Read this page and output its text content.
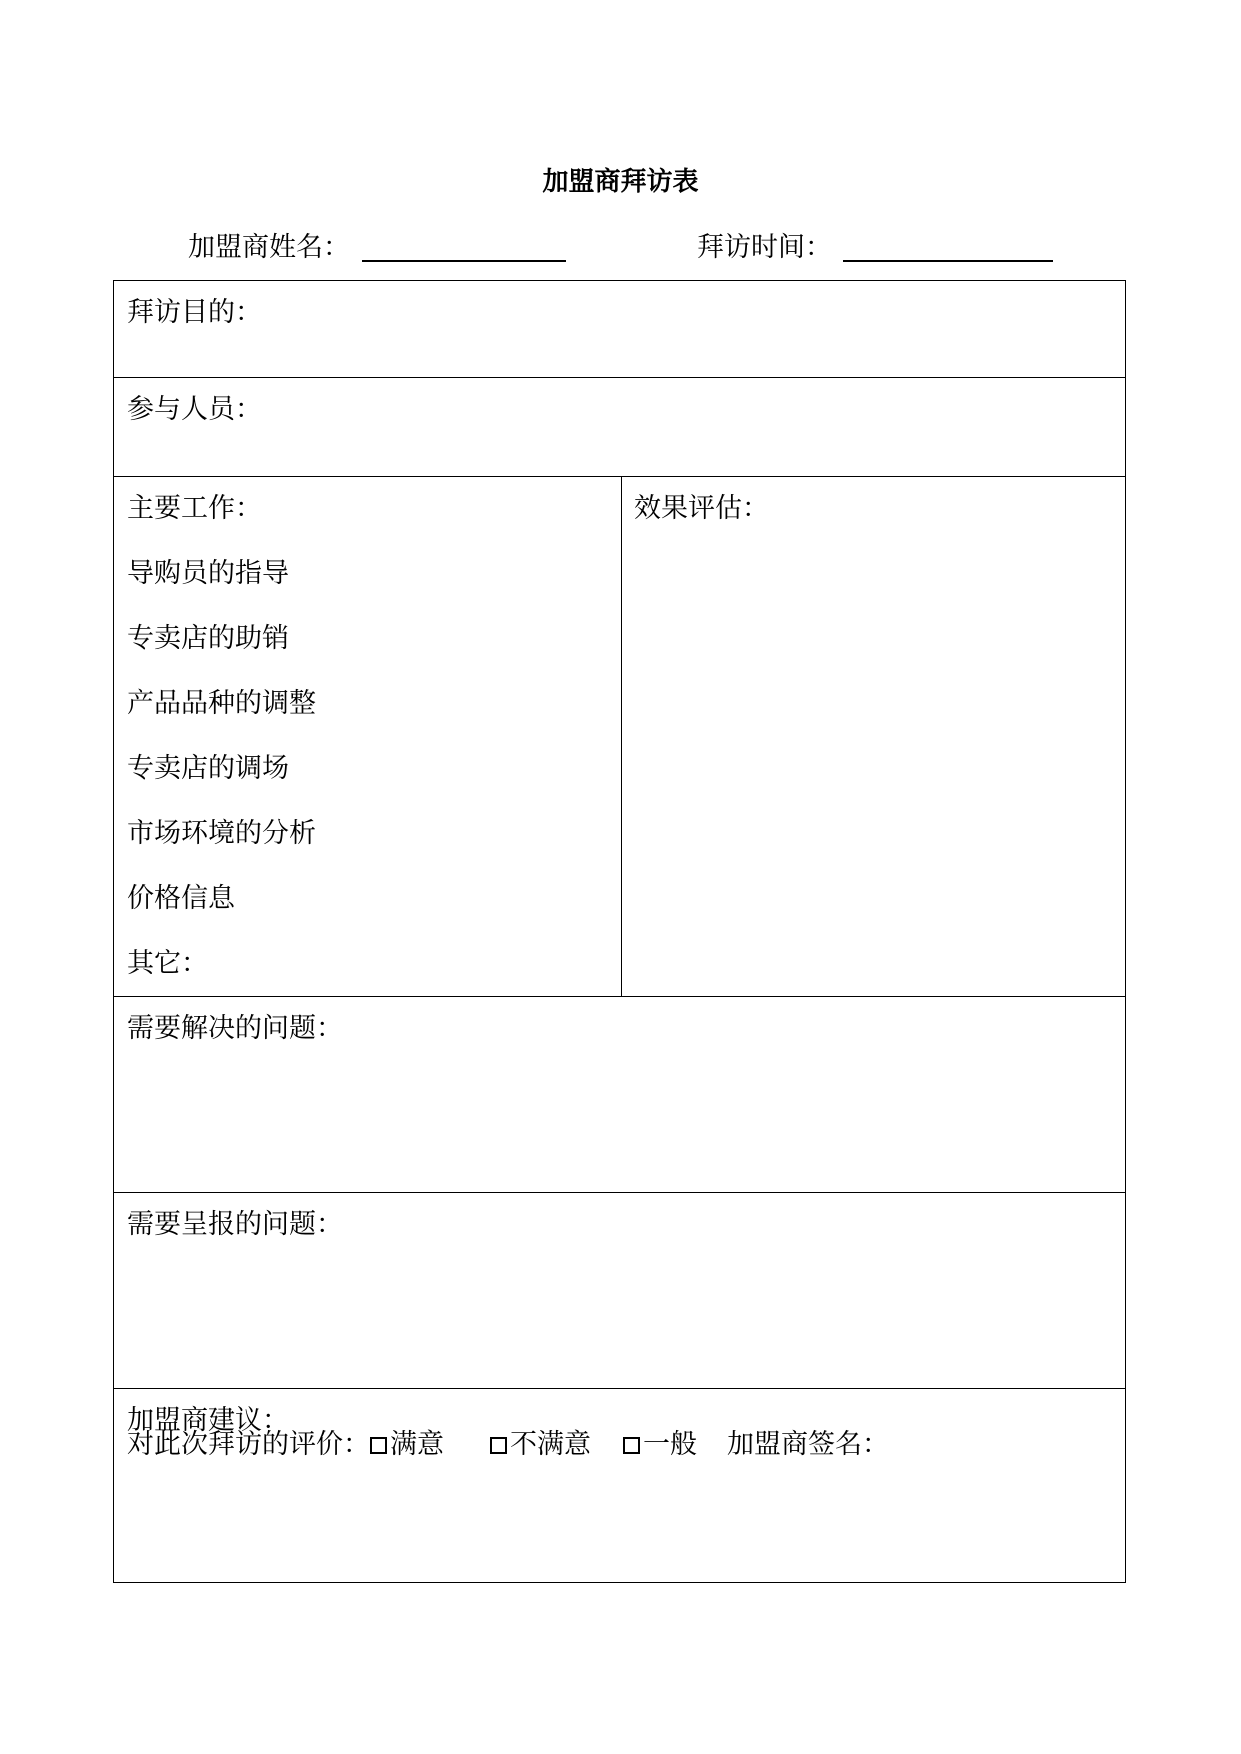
加盟商拜访表
加盟商姓名：	拜访时间：
拜访目的：
参与人员：
主要工作：
导购员的指导
专卖店的助销
产品品种的调整
专卖店的调场
市场环境的分析
价格信息
其它：
效果评估：
需要解决的问题：
需要呈报的问题：
加盟商建议：
对此次拜访的评价： 满意 不满意 一般 加盟商签名：
